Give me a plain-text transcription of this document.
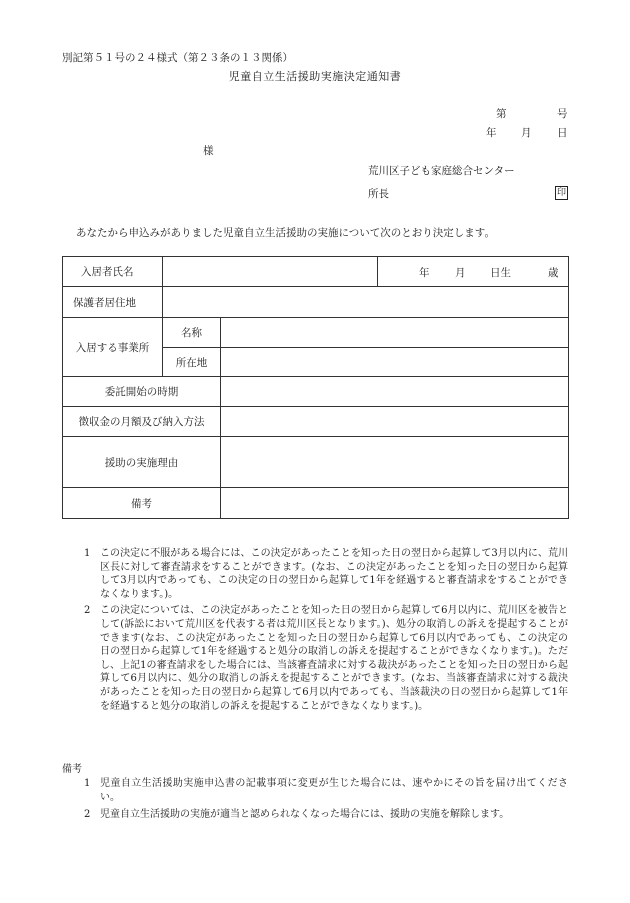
別記第５１号の２４様式（第２３条の１３関係）
児童自立生活援助実施決定通知書
第	号
年 月 日
様
荒川区子ども家庭総合センター
所長	印
あなたから申込みがありました児童自立生活援助の実施について次のとおり決定します。
入居者氏名			年 月 日生 歳

保護者居住地			
入居する事業所	名称		
	所在地		
委託開始の時期			
徴収金の月額及び納入方法			
援助の実施理由			
備考			

1 この決定に不服がある場合には、この決定があったことを知った日の翌日から起算して3月以内に、荒川区長に対して審査請求をすることができます。(なお、この決定があったことを知った日の翌日から起算して3月以内であっても、この決定の日の翌日から起算して1年を経過すると審査請求をすることができなくなります。)。

2 この決定については、この決定があったことを知った日の翌日から起算して6月以内に、荒川区を被告として(訴訟において荒川区を代表する者は荒川区長となります。)、処分の取消しの訴えを提起することができます(なお、この決定があったことを知った日の翌日から起算して6月以内であっても、この決定の日の翌日から起算して1年を経過すると処分の取消しの訴えを提起することができなくなります。)。ただし、上記1の審査請求をした場合には、当該審査請求に対する裁決があったことを知った日の翌日から起算して6月以内に、処分の取消しの訴えを提起することができます。(なお、当該審査請求に対する裁決があったことを知った日の翌日から起算して6月以内であっても、当該裁決の日の翌日から起算して1年を経過すると処分の取消しの訴えを提起することができなくなります。)。

備考

1 児童自立生活援助実施申込書の記載事項に変更が生じた場合には、速やかにその旨を届け出てください。

2 児童自立生活援助の実施が適当と認められなくなった場合には、援助の実施を解除します。
